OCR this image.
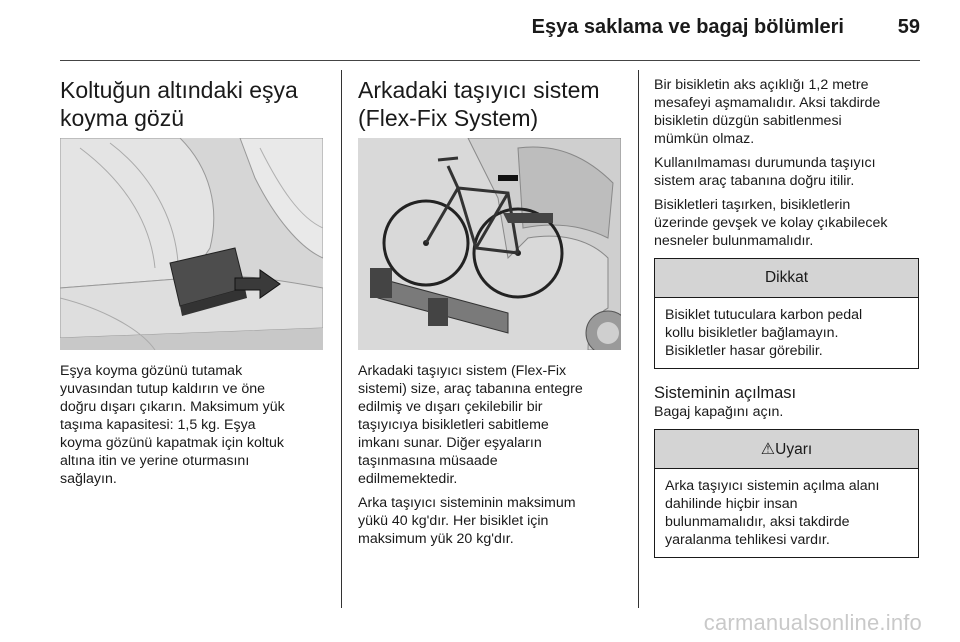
Eşya saklama ve bagaj bölümleri	59
Koltuğun altındaki eşya
koyma gözü

Eşya koyma gözünü tutamak
yuvasından tutup kaldırın ve öne
doğru dışarı çıkarın. Maksimum yük
taşıma kapasitesi: 1,5 kg. Eşya
koyma gözünü kapatmak için koltuk
altına itin ve yerine oturmasını
sağlayın.

Arkadaki taşıyıcı sistem
(Flex-Fix System)

Arkadaki taşıyıcı sistem (Flex-Fix
sistemi) size, araç tabanına entegre
edilmiş ve dışarı çekilebilir bir
taşıyıcıya bisikletleri sabitleme
imkanı sunar. Diğer eşyaların
taşınmasına müsaade
edilmemektedir.

Arka taşıyıcı sisteminin maksimum
yükü 40 kg'dır. Her bisiklet için
maksimum yük 20 kg'dır.

Bir bisikletin aks açıklığı 1,2 metre
mesafeyi aşmamalıdır. Aksi takdirde
bisikletin düzgün sabitlenmesi
mümkün olmaz.

Kullanılmaması durumunda taşıyıcı
sistem araç tabanına doğru itilir.

Bisikletleri taşırken, bisikletlerin
üzerinde gevşek ve kolay çıkabilecek
nesneler bulunmamalıdır.

Dikkat

Bisiklet tutuculara karbon pedal
kollu bisikletler bağlamayın.
Bisikletler hasar görebilir.

Sisteminin açılması

Bagaj kapağını açın.

⚠Uyarı

Arka taşıyıcı sistemin açılma alanı
dahilinde hiçbir insan
bulunmamalıdır, aksi takdirde
yaralanma tehlikesi vardır.

carmanualsonline.info
